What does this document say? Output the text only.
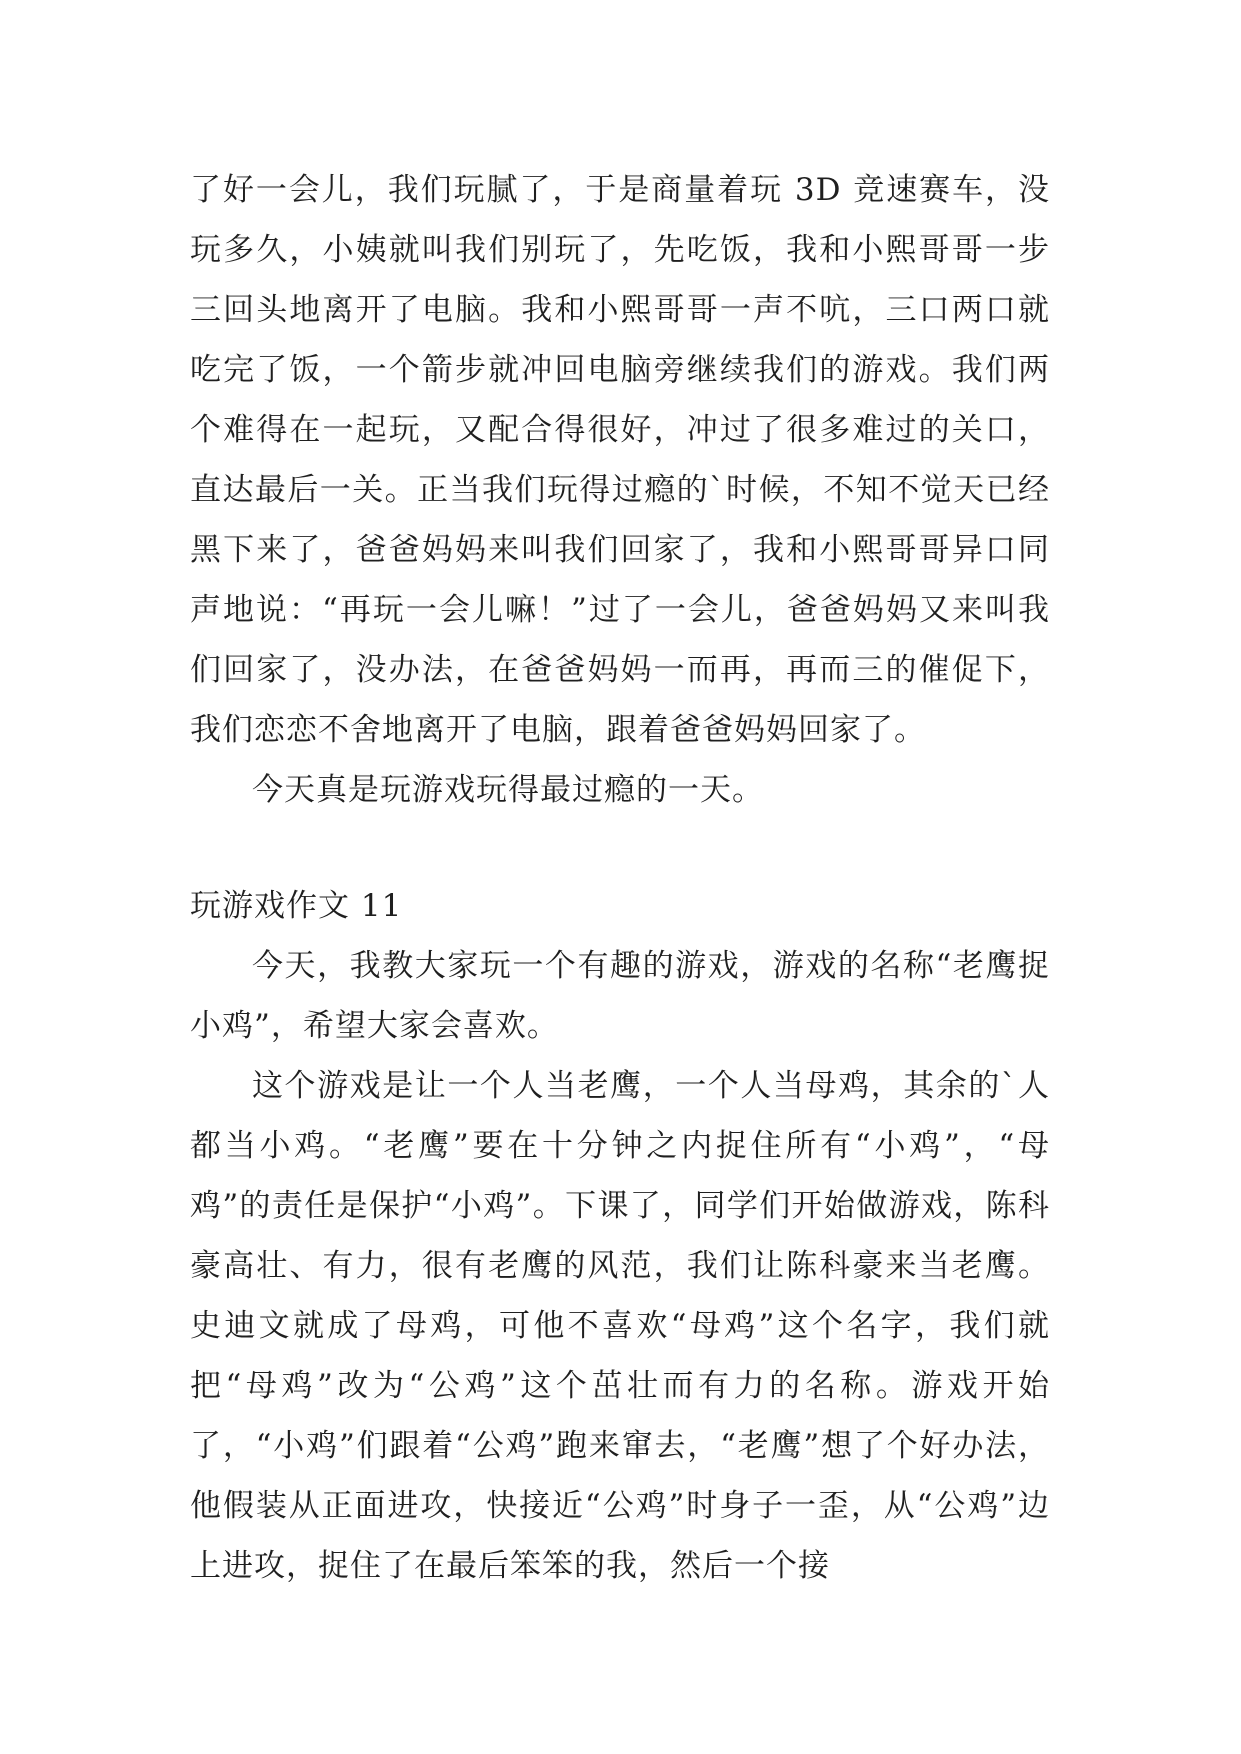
了好一会儿，我们玩腻了，于是商量着玩 3D 竞速赛车，没玩多久，小姨就叫我们别玩了，先吃饭，我和小熙哥哥一步三回头地离开了电脑。我和小熙哥哥一声不吭，三口两口就吃完了饭，一个箭步就冲回电脑旁继续我们的游戏。我们两个难得在一起玩，又配合得很好，冲过了很多难过的关口，直达最后一关。正当我们玩得过瘾的`时候，不知不觉天已经黑下来了，爸爸妈妈来叫我们回家了，我和小熙哥哥异口同声地说：“再玩一会儿嘛！”过了一会儿，爸爸妈妈又来叫我们回家了，没办法，在爸爸妈妈一而再，再而三的催促下，我们恋恋不舍地离开了电脑，跟着爸爸妈妈回家了。

今天真是玩游戏玩得最过瘾的一天。

玩游戏作文 11

今天，我教大家玩一个有趣的游戏，游戏的名称“老鹰捉小鸡”，希望大家会喜欢。

这个游戏是让一个人当老鹰，一个人当母鸡，其余的`人都当小鸡。“老鹰”要在十分钟之内捉住所有“小鸡”，“母鸡”的责任是保护“小鸡”。下课了，同学们开始做游戏，陈科豪高壮、有力，很有老鹰的风范，我们让陈科豪来当老鹰。史迪文就成了母鸡，可他不喜欢“母鸡”这个名字，我们就把“母鸡”改为“公鸡”这个茁壮而有力的名称。游戏开始了，“小鸡”们跟着“公鸡”跑来窜去，“老鹰”想了个好办法，他假装从正面进攻，快接近“公鸡”时身子一歪，从“公鸡”边上进攻，捉住了在最后笨笨的我，然后一个接
